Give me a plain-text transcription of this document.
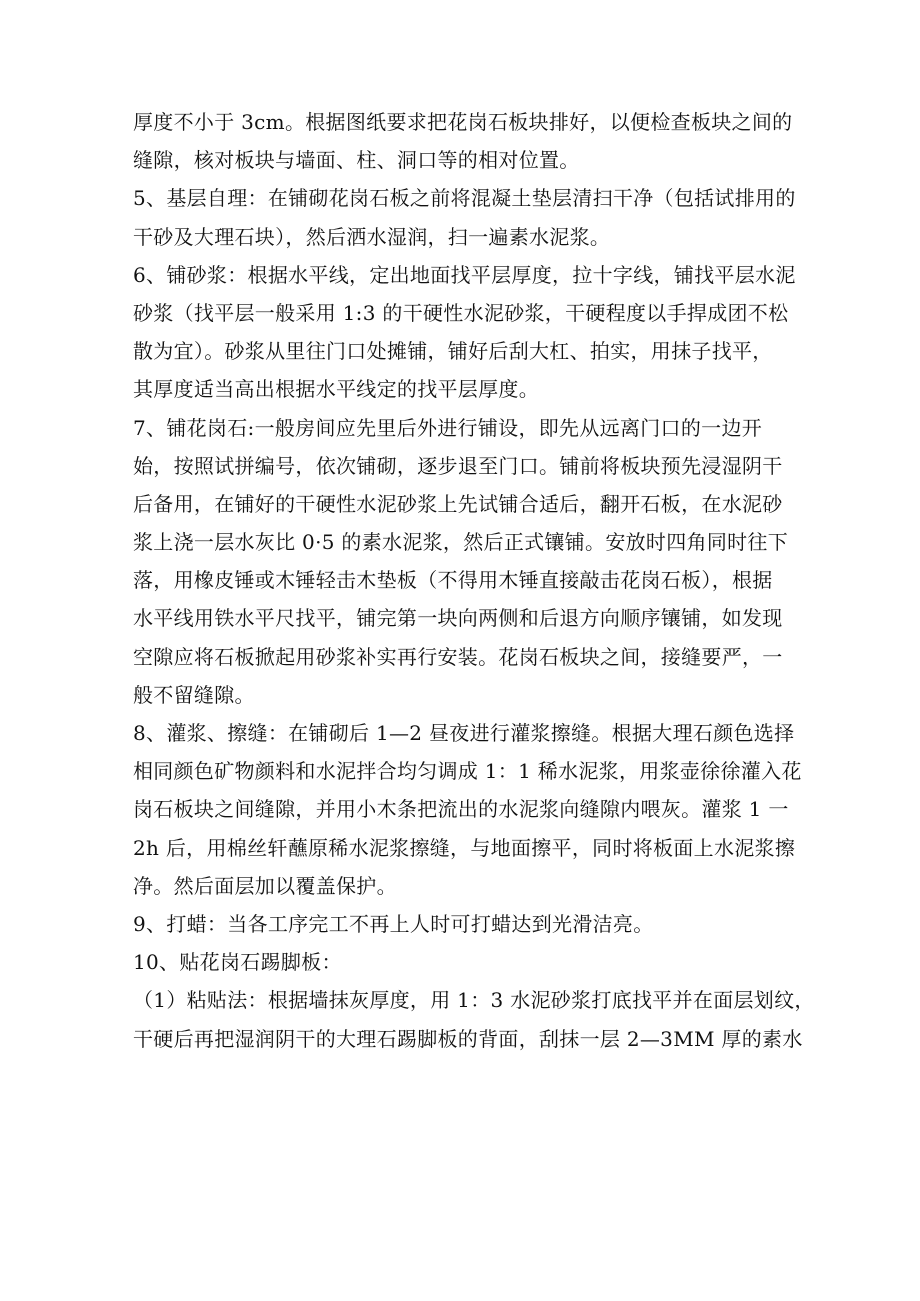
厚度不小于 3cm。根据图纸要求把花岗石板块排好，以便检查板块之间的
缝隙，核对板块与墙面、柱、洞口等的相对位置。
5、基层自理：在铺砌花岗石板之前将混凝土垫层清扫干净（包括试排用的
干砂及大理石块），然后洒水湿润，扫一遍素水泥浆。
6、铺砂浆：根据水平线，定出地面找平层厚度，拉十字线，铺找平层水泥
砂浆（找平层一般采用 1:3 的干硬性水泥砂浆，干硬程度以手捍成团不松
散为宜）。砂浆从里往门口处摊铺，铺好后刮大杠、拍实，用抹子找平，
其厚度适当高出根据水平线定的找平层厚度。
7、铺花岗石:一般房间应先里后外进行铺设，即先从远离门口的一边开
始，按照试拼编号，依次铺砌，逐步退至门口。铺前将板块预先浸湿阴干
后备用，在铺好的干硬性水泥砂浆上先试铺合适后，翻开石板，在水泥砂
浆上浇一层水灰比 0·5 的素水泥浆，然后正式镶铺。安放时四角同时往下
落，用橡皮锤或木锤轻击木垫板（不得用木锤直接敲击花岗石板），根据
水平线用铁水平尺找平，铺完第一块向两侧和后退方向顺序镶铺，如发现
空隙应将石板掀起用砂浆补实再行安装。花岗石板块之间，接缝要严，一
般不留缝隙。
8、灌浆、擦缝：在铺砌后 1—2 昼夜进行灌浆擦缝。根据大理石颜色选择
相同颜色矿物颜料和水泥拌合均匀调成 1：1 稀水泥浆，用浆壶徐徐灌入花
岗石板块之间缝隙，并用小木条把流出的水泥浆向缝隙内喂灰。灌浆 1 一
2h 后，用棉丝轩蘸原稀水泥浆擦缝，与地面擦平，同时将板面上水泥浆擦
净。然后面层加以覆盖保护。
9、打蜡：当各工序完工不再上人时可打蜡达到光滑洁亮。
10、贴花岗石踢脚板：
（1）粘贴法：根据墙抹灰厚度，用 1：3 水泥砂浆打底找平并在面层划纹，
干硬后再把湿润阴干的大理石踢脚板的背面，刮抹一层 2—3MM 厚的素水
